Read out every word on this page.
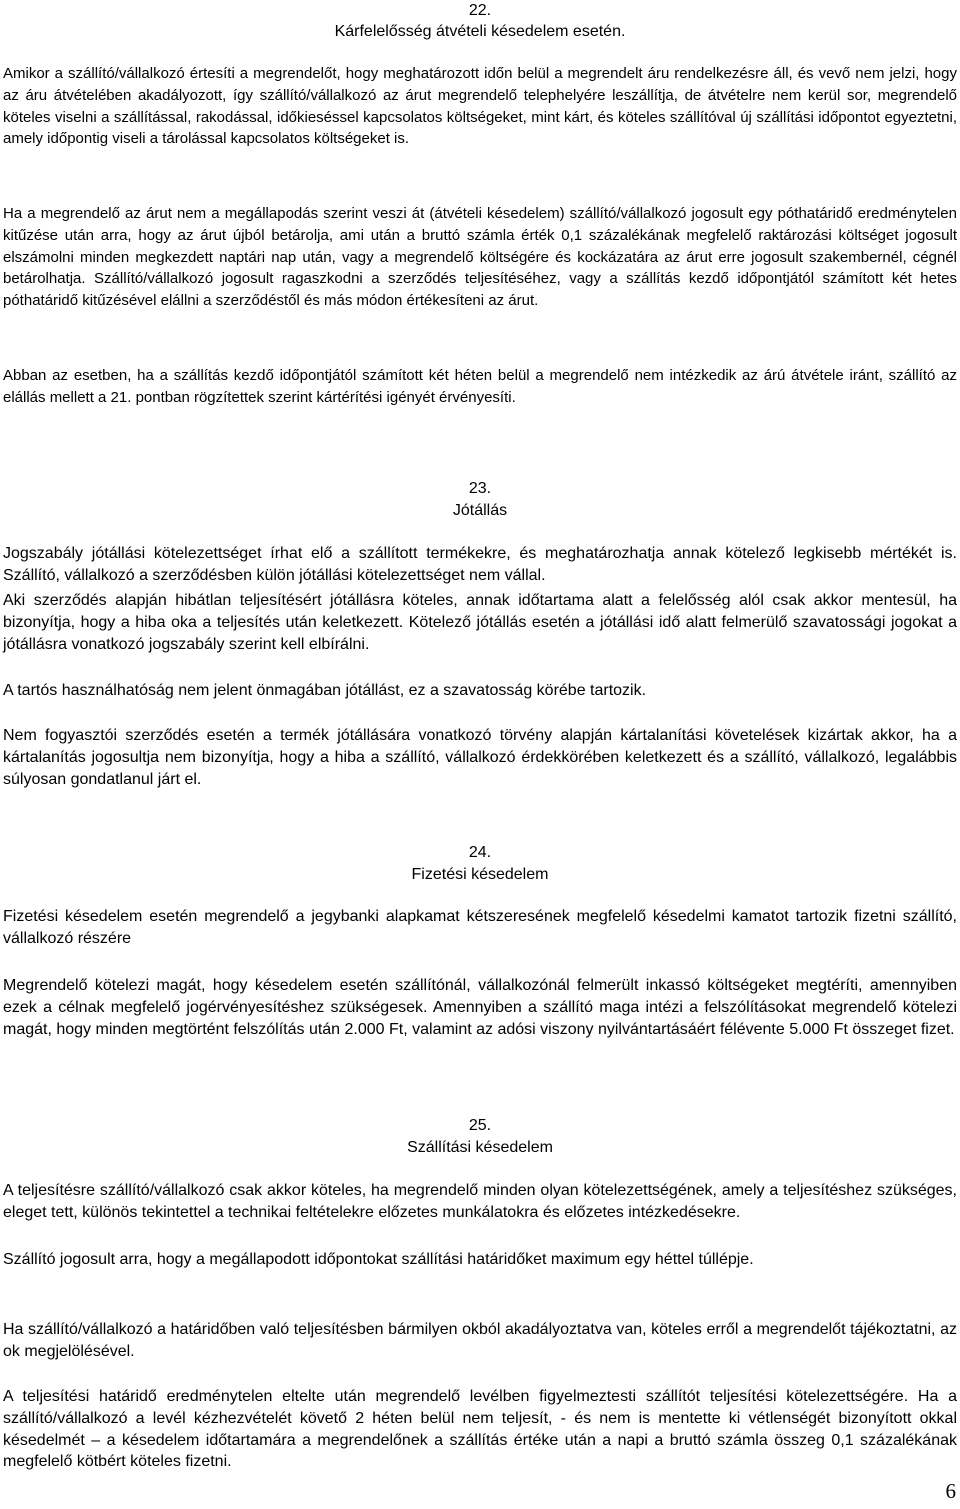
22.
Kárfelelősség átvételi késedelem esetén.

Amikor a szállító/vállalkozó értesíti a megrendelőt, hogy meghatározott időn belül a megrendelt áru rendelkezésre áll, és vevő nem jelzi, hogy az áru átvételében akadályozott, így szállító/vállalkozó az árut megrendelő telephelyére leszállítja, de átvételre nem kerül sor, megrendelő köteles viselni a szállítással, rakodással, időkieséssel kapcsolatos költségeket, mint kárt, és köteles szállítóval új szállítási időpontot egyeztetni, amely időpontig viseli a tárolással kapcsolatos költségeket is.

Ha a megrendelő az árut nem a megállapodás szerint veszi át (átvételi késedelem) szállító/vállalkozó jogosult egy póthatáridő eredménytelen kitűzése után arra, hogy az árut újból betárolja, ami után a bruttó számla érték 0,1 százalékának megfelelő raktározási költséget jogosult elszámolni minden megkezdett naptári nap után, vagy a megrendelő költségére és kockázatára az árut erre jogosult szakembernél, cégnél betárolhatja. Szállító/vállalkozó jogosult ragaszkodni a szerződés teljesítéséhez, vagy a szállítás kezdő időpontjától számított két hetes póthatáridő kitűzésével elállni a szerződéstől és más módon értékesíteni az árut.

Abban az esetben, ha a szállítás kezdő időpontjától számított két héten belül a megrendelő nem intézkedik az árú átvétele iránt, szállító az elállás mellett a 21. pontban rögzítettek szerint kártérítési igényét érvényesíti.

23.
Jótállás

Jogszabály jótállási kötelezettséget írhat elő a szállított termékekre, és meghatározhatja annak kötelező legkisebb mértékét is. Szállító, vállalkozó a szerződésben külön jótállási kötelezettséget nem vállal.

Aki szerződés alapján hibátlan teljesítésért jótállásra köteles, annak időtartama alatt a felelősség alól csak akkor mentesül, ha bizonyítja, hogy a hiba oka a teljesítés után keletkezett. Kötelező jótállás esetén a jótállási idő alatt felmerülő szavatossági jogokat a jótállásra vonatkozó jogszabály szerint kell elbírálni.

A tartós használhatóság nem jelent önmagában jótállást, ez a szavatosság körébe tartozik.

Nem fogyasztói szerződés esetén a termék jótállására vonatkozó törvény alapján kártalanítási követelések kizártak akkor, ha a kártalanítás jogosultja nem bizonyítja, hogy a hiba a szállító, vállalkozó érdekkörében keletkezett és a szállító, vállalkozó, legalábbis súlyosan gondatlanul járt el.

24.
Fizetési késedelem

Fizetési késedelem esetén megrendelő a jegybanki alapkamat kétszeresének megfelelő késedelmi kamatot tartozik fizetni szállító, vállalkozó részére

Megrendelő kötelezi magát, hogy késedelem esetén szállítónál, vállalkozónál felmerült inkassó költségeket megtéríti, amennyiben ezek a célnak megfelelő jogérvényesítéshez szükségesek. Amennyiben a szállító maga intézi a felszólításokat megrendelő kötelezi magát, hogy minden megtörtént felszólítás után 2.000 Ft, valamint az adósi viszony nyilvántartásáért félévente 5.000 Ft összeget fizet.

25.
Szállítási késedelem

A teljesítésre szállító/vállalkozó csak akkor köteles, ha megrendelő minden olyan kötelezettségének, amely a teljesítéshez szükséges, eleget tett, különös tekintettel a technikai feltételekre előzetes munkálatokra és előzetes intézkedésekre.

Szállító jogosult arra, hogy a megállapodott időpontokat szállítási határidőket maximum egy héttel túllépje.

Ha szállító/vállalkozó a határidőben való teljesítésben bármilyen okból akadályoztatva van, köteles erről a megrendelőt tájékoztatni, az ok megjelölésével.

A teljesítési határidő eredménytelen eltelte után megrendelő levélben figyelmeztesti szállítót teljesítési kötelezettségére. Ha a szállító/vállalkozó a levél kézhezvételét követő 2 héten belül nem teljesít, - és nem is mentette ki vétlenségét bizonyított okkal késedelmét – a késedelem időtartamára a megrendelőnek a szállítás értéke után a napi a bruttó számla összeg 0,1 százalékának megfelelő kötbért köteles fizetni.

6
